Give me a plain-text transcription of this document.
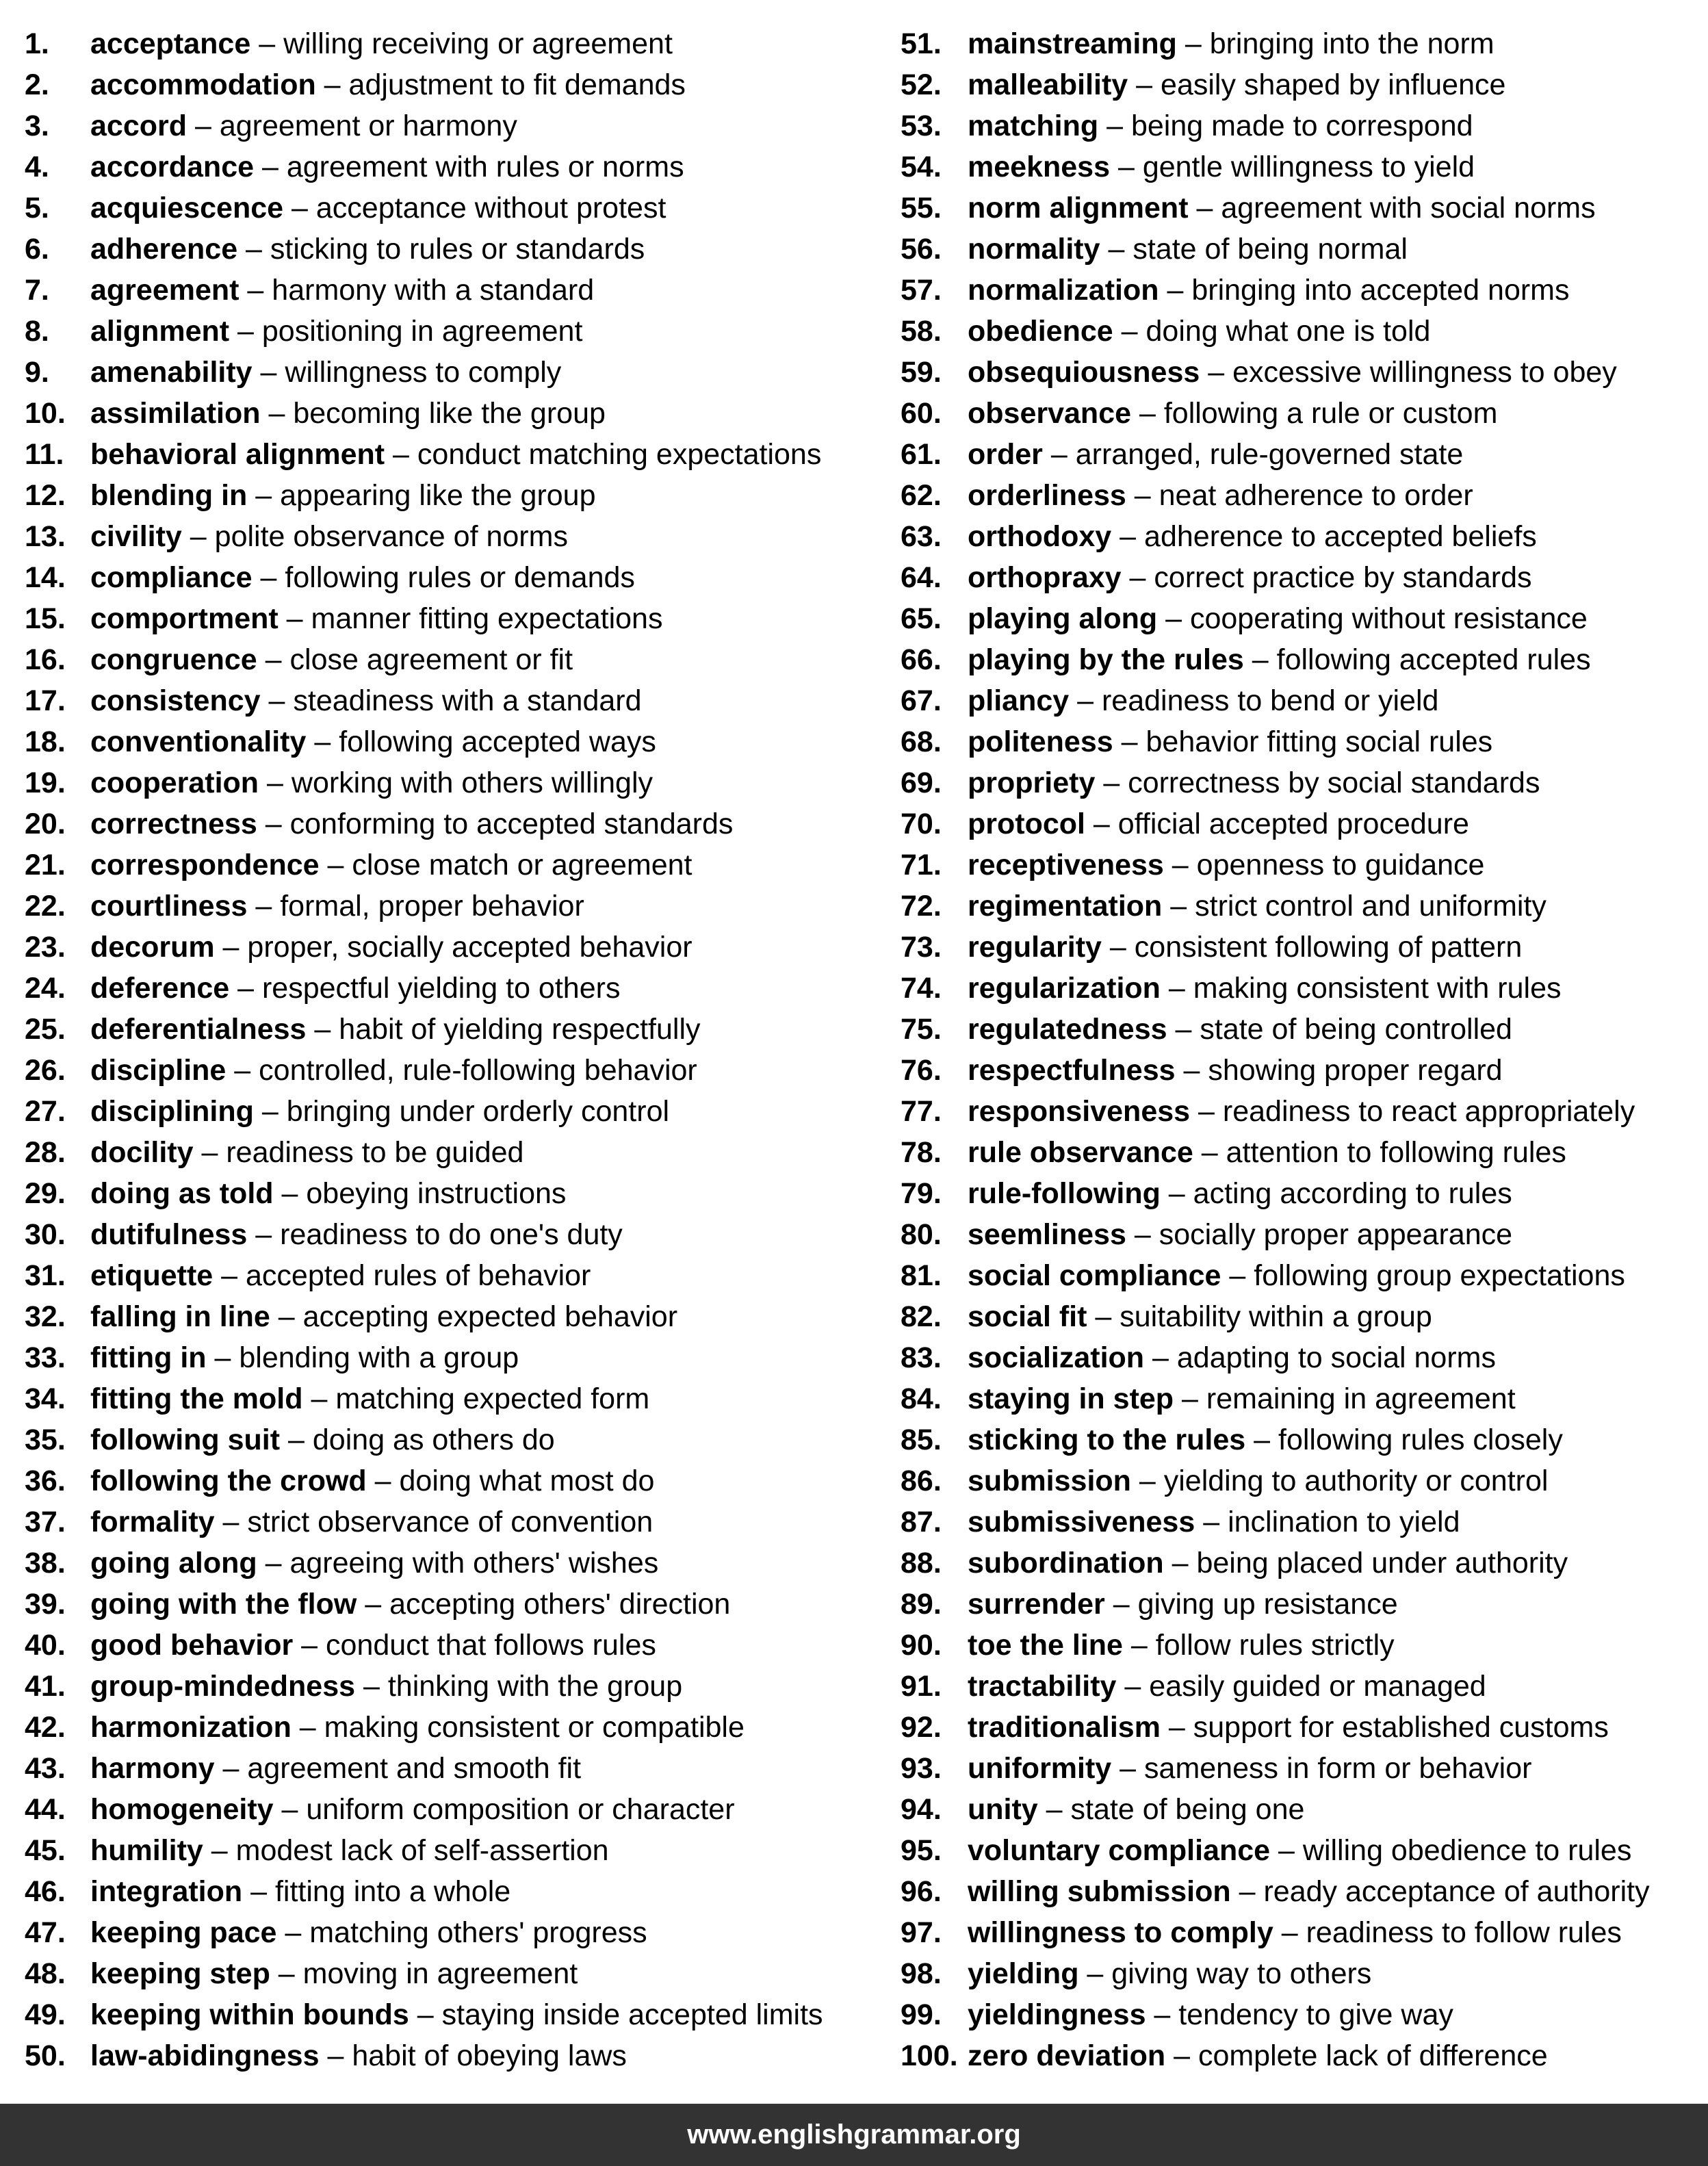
1. acceptance – willing receiving or agreement
2. accommodation – adjustment to fit demands
3. accord – agreement or harmony
4. accordance – agreement with rules or norms
5. acquiescence – acceptance without protest
6. adherence – sticking to rules or standards
7. agreement – harmony with a standard
8. alignment – positioning in agreement
9. amenability – willingness to comply
10. assimilation – becoming like the group
11. behavioral alignment – conduct matching expectations
12. blending in – appearing like the group
13. civility – polite observance of norms
14. compliance – following rules or demands
15. comportment – manner fitting expectations
16. congruence – close agreement or fit
17. consistency – steadiness with a standard
18. conventionality – following accepted ways
19. cooperation – working with others willingly
20. correctness – conforming to accepted standards
21. correspondence – close match or agreement
22. courtliness – formal, proper behavior
23. decorum – proper, socially accepted behavior
24. deference – respectful yielding to others
25. deferentialness – habit of yielding respectfully
26. discipline – controlled, rule-following behavior
27. disciplining – bringing under orderly control
28. docility – readiness to be guided
29. doing as told – obeying instructions
30. dutifulness – readiness to do one's duty
31. etiquette – accepted rules of behavior
32. falling in line – accepting expected behavior
33. fitting in – blending with a group
34. fitting the mold – matching expected form
35. following suit – doing as others do
36. following the crowd – doing what most do
37. formality – strict observance of convention
38. going along – agreeing with others' wishes
39. going with the flow – accepting others' direction
40. good behavior – conduct that follows rules
41. group-mindedness – thinking with the group
42. harmonization – making consistent or compatible
43. harmony – agreement and smooth fit
44. homogeneity – uniform composition or character
45. humility – modest lack of self-assertion
46. integration – fitting into a whole
47. keeping pace – matching others' progress
48. keeping step – moving in agreement
49. keeping within bounds – staying inside accepted limits
50. law-abidingness – habit of obeying laws
51. mainstreaming – bringing into the norm
52. malleability – easily shaped by influence
53. matching – being made to correspond
54. meekness – gentle willingness to yield
55. norm alignment – agreement with social norms
56. normality – state of being normal
57. normalization – bringing into accepted norms
58. obedience – doing what one is told
59. obsequiousness – excessive willingness to obey
60. observance – following a rule or custom
61. order – arranged, rule-governed state
62. orderliness – neat adherence to order
63. orthodoxy – adherence to accepted beliefs
64. orthopraxy – correct practice by standards
65. playing along – cooperating without resistance
66. playing by the rules – following accepted rules
67. pliancy – readiness to bend or yield
68. politeness – behavior fitting social rules
69. propriety – correctness by social standards
70. protocol – official accepted procedure
71. receptiveness – openness to guidance
72. regimentation – strict control and uniformity
73. regularity – consistent following of pattern
74. regularization – making consistent with rules
75. regulatedness – state of being controlled
76. respectfulness – showing proper regard
77. responsiveness – readiness to react appropriately
78. rule observance – attention to following rules
79. rule-following – acting according to rules
80. seemliness – socially proper appearance
81. social compliance – following group expectations
82. social fit – suitability within a group
83. socialization – adapting to social norms
84. staying in step – remaining in agreement
85. sticking to the rules – following rules closely
86. submission – yielding to authority or control
87. submissiveness – inclination to yield
88. subordination – being placed under authority
89. surrender – giving up resistance
90. toe the line – follow rules strictly
91. tractability – easily guided or managed
92. traditionalism – support for established customs
93. uniformity – sameness in form or behavior
94. unity – state of being one
95. voluntary compliance – willing obedience to rules
96. willing submission – ready acceptance of authority
97. willingness to comply – readiness to follow rules
98. yielding – giving way to others
99. yieldingness – tendency to give way
100. zero deviation – complete lack of difference
www.englishgrammar.org
